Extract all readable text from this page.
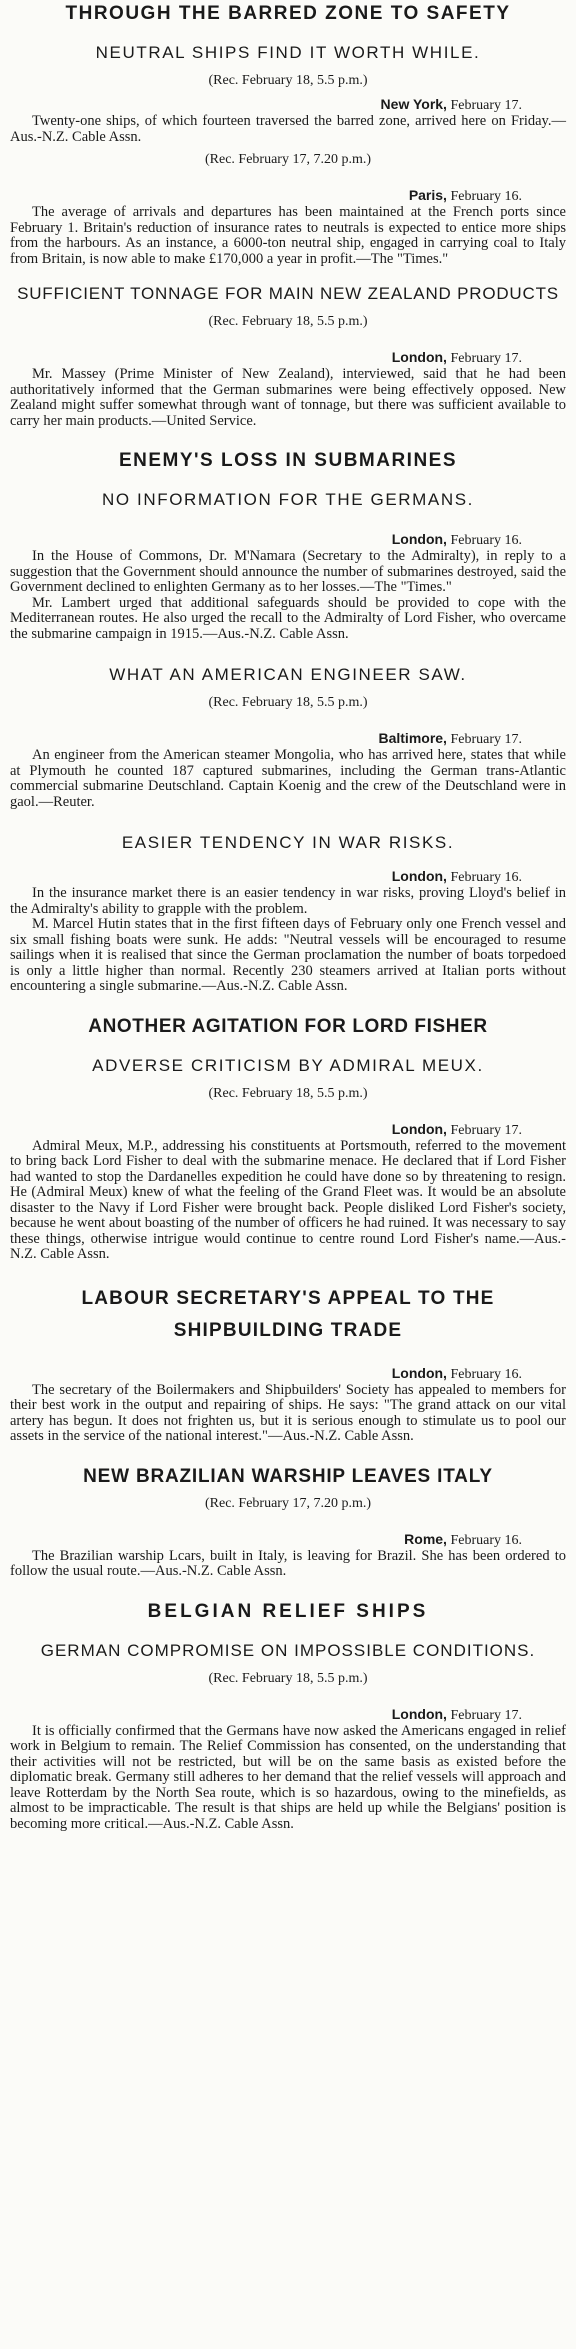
THROUGH THE BARRED ZONE TO SAFETY
NEUTRAL SHIPS FIND IT WORTH WHILE.
(Rec. February 18, 5.5 p.m.)
New York, February 17.

Twenty-one ships, of which fourteen traversed the barred zone, arrived here on Friday.—Aus.-N.Z. Cable Assn.

(Rec. February 17, 7.20 p.m.)
Paris, February 16.

The average of arrivals and departures has been maintained at the French ports since February 1. Britain's reduction of insurance rates to neutrals is expected to entice more ships from the harbours. As an instance, a 6000-ton neutral ship, engaged in carrying coal to Italy from Britain, is now able to make £170,000 a year in profit.—The "Times."

SUFFICIENT TONNAGE FOR MAIN NEW ZEALAND PRODUCTS
(Rec. February 18, 5.5 p.m.)
London, February 17.

Mr. Massey (Prime Minister of New Zealand), interviewed, said that he had been authoritatively informed that the German submarines were being effectively opposed. New Zealand might suffer somewhat through want of tonnage, but there was sufficient available to carry her main products.—United Service.

ENEMY'S LOSS IN SUBMARINES
NO INFORMATION FOR THE GERMANS.
London, February 16.

In the House of Commons, Dr. M'Namara (Secretary to the Admiralty), in reply to a suggestion that the Government should announce the number of submarines destroyed, said the Government declined to enlighten Germany as to her losses.—The "Times."

Mr. Lambert urged that additional safeguards should be provided to cope with the Mediterranean routes. He also urged the recall to the Admiralty of Lord Fisher, who overcame the submarine campaign in 1915.—Aus.-N.Z. Cable Assn.

WHAT AN AMERICAN ENGINEER SAW.
(Rec. February 18, 5.5 p.m.)
Baltimore, February 17.

An engineer from the American steamer Mongolia, who has arrived here, states that while at Plymouth he counted 187 captured submarines, including the German trans-Atlantic commercial submarine Deutschland. Captain Koenig and the crew of the Deutschland were in gaol.—Reuter.

EASIER TENDENCY IN WAR RISKS.
London, February 16.

In the insurance market there is an easier tendency in war risks, proving Lloyd's belief in the Admiralty's ability to grapple with the problem.

M. Marcel Hutin states that in the first fifteen days of February only one French vessel and six small fishing boats were sunk. He adds: "Neutral vessels will be encouraged to resume sailings when it is realised that since the German proclamation the number of boats torpedoed is only a little higher than normal. Recently 230 steamers arrived at Italian ports without encountering a single submarine.—Aus.-N.Z. Cable Assn.

ANOTHER AGITATION FOR LORD FISHER
ADVERSE CRITICISM BY ADMIRAL MEUX.
(Rec. February 18, 5.5 p.m.)
London, February 17.

Admiral Meux, M.P., addressing his constituents at Portsmouth, referred to the movement to bring back Lord Fisher to deal with the submarine menace. He declared that if Lord Fisher had wanted to stop the Dardanelles expedition he could have done so by threatening to resign. He (Admiral Meux) knew of what the feeling of the Grand Fleet was. It would be an absolute disaster to the Navy if Lord Fisher were brought back. People disliked Lord Fisher's society, because he went about boasting of the number of officers he had ruined. It was necessary to say these things, otherwise intrigue would continue to centre round Lord Fisher's name.—Aus.-N.Z. Cable Assn.

LABOUR SECRETARY'S APPEAL TO THE SHIPBUILDING TRADE
London, February 16.

The secretary of the Boilermakers and Shipbuilders' Society has appealed to members for their best work in the output and repairing of ships. He says: "The grand attack on our vital artery has begun. It does not frighten us, but it is serious enough to stimulate us to pool our assets in the service of the national interest."—Aus.-N.Z. Cable Assn.

NEW BRAZILIAN WARSHIP LEAVES ITALY
(Rec. February 17, 7.20 p.m.)
Rome, February 16.

The Brazilian warship Lcars, built in Italy, is leaving for Brazil. She has been ordered to follow the usual route.—Aus.-N.Z. Cable Assn.

BELGIAN RELIEF SHIPS
GERMAN COMPROMISE ON IMPOSSIBLE CONDITIONS.
(Rec. February 18, 5.5 p.m.)
London, February 17.

It is officially confirmed that the Germans have now asked the Americans engaged in relief work in Belgium to remain. The Relief Commission has consented, on the understanding that their activities will not be restricted, but will be on the same basis as existed before the diplomatic break. Germany still adheres to her demand that the relief vessels will approach and leave Rotterdam by the North Sea route, which is so hazardous, owing to the minefields, as almost to be impracticable. The result is that ships are held up while the Belgians' position is becoming more critical.—Aus.-N.Z. Cable Assn.
